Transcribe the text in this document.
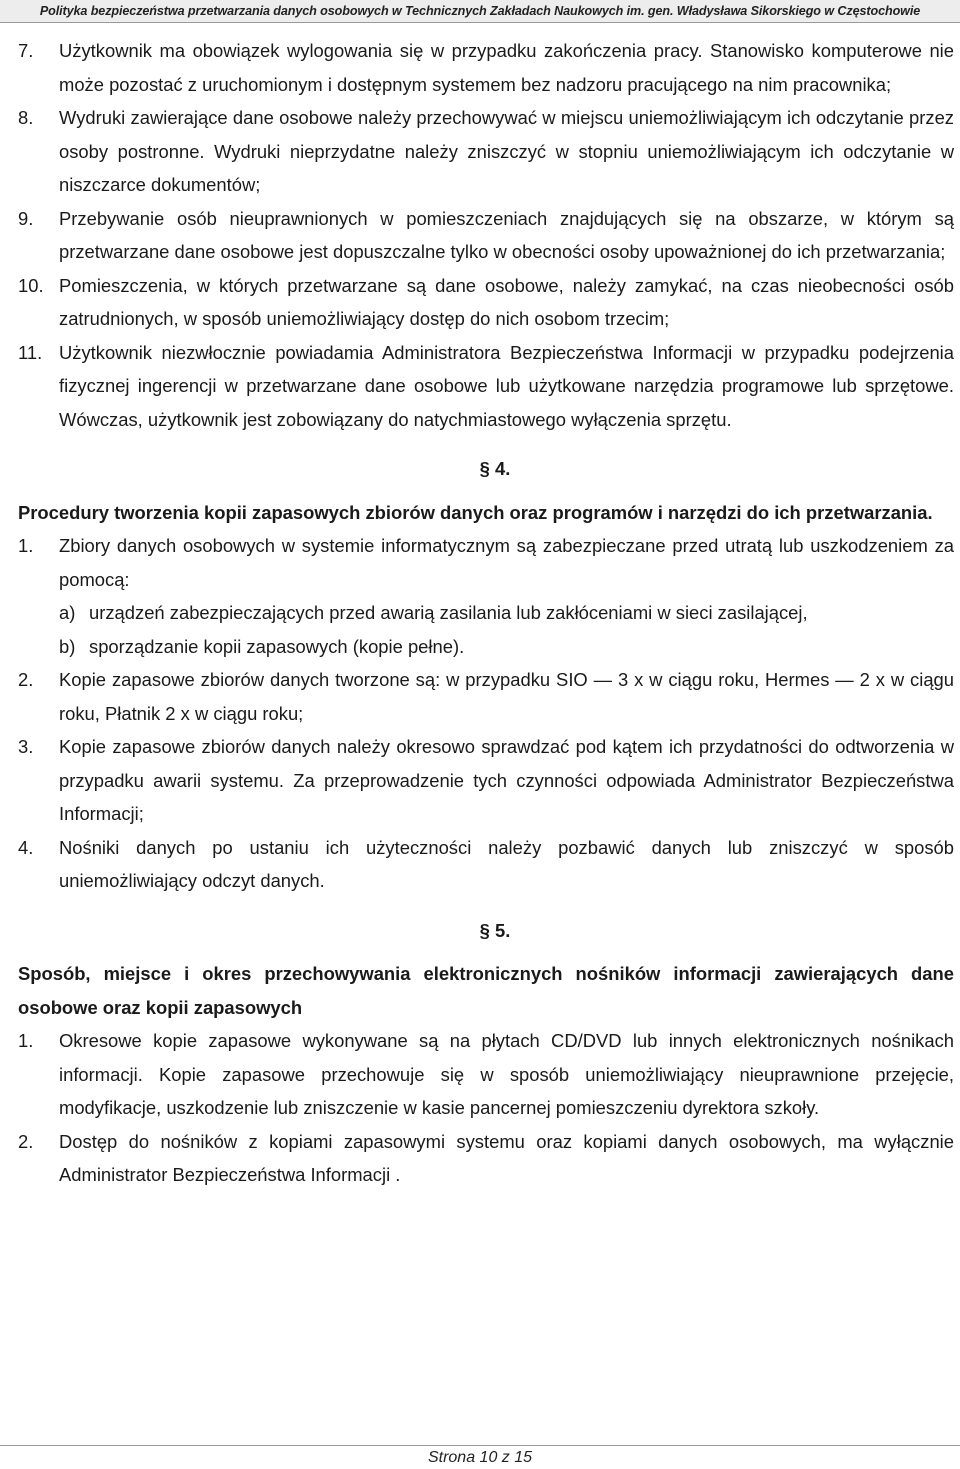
Polityka bezpieczeństwa przetwarzania danych osobowych w Technicznych Zakładach Naukowych im. gen. Władysława Sikorskiego w Częstochowie
7. Użytkownik ma obowiązek wylogowania się w przypadku zakończenia pracy. Stanowisko komputerowe nie może pozostać z uruchomionym i dostępnym systemem bez nadzoru pracującego na nim pracownika;
8. Wydruki zawierające dane osobowe należy przechowywać w miejscu uniemożliwiającym ich odczytanie przez osoby postronne. Wydruki nieprzydatne należy zniszczyć w stopniu uniemożliwiającym ich odczytanie w niszczarce dokumentów;
9. Przebywanie osób nieuprawnionych w pomieszczeniach znajdujących się na obszarze, w którym są przetwarzane dane osobowe jest dopuszczalne tylko w obecności osoby upoważnionej do ich przetwarzania;
10. Pomieszczenia, w których przetwarzane są dane osobowe, należy zamykać, na czas nieobecności osób zatrudnionych, w sposób uniemożliwiający dostęp do nich osobom trzecim;
11. Użytkownik niezwłocznie powiadamia Administratora Bezpieczeństwa Informacji w przypadku podejrzenia fizycznej ingerencji w przetwarzane dane osobowe lub użytkowane narzędzia programowe lub sprzętowe. Wówczas, użytkownik jest zobowiązany do natychmiastowego wyłączenia sprzętu.
§ 4.
Procedury tworzenia kopii zapasowych zbiorów danych oraz programów i narzędzi do ich przetwarzania.
1. Zbiory danych osobowych w systemie informatycznym są zabezpieczane przed utratą lub uszkodzeniem za pomocą:
a) urządzeń zabezpieczających przed awarią zasilania lub zakłóceniami w sieci zasilającej,
b) sporządzanie kopii zapasowych (kopie pełne).
2. Kopie zapasowe zbiorów danych tworzone są: w przypadku SIO — 3 x w ciągu roku, Hermes — 2 x w ciągu roku, Płatnik 2 x w ciągu roku;
3. Kopie zapasowe zbiorów danych należy okresowo sprawdzać pod kątem ich przydatności do odtworzenia w przypadku awarii systemu. Za przeprowadzenie tych czynności odpowiada Administrator Bezpieczeństwa Informacji;
4. Nośniki danych po ustaniu ich użyteczności należy pozbawić danych lub zniszczyć w sposób uniemożliwiający odczyt danych.
§ 5.
Sposób, miejsce i okres przechowywania elektronicznych nośników informacji zawierających dane osobowe oraz kopii zapasowych
1. Okresowe kopie zapasowe wykonywane są na płytach CD/DVD lub innych elektronicznych nośnikach informacji. Kopie zapasowe przechowuje się w sposób uniemożliwiający nieuprawnione przejęcie, modyfikacje, uszkodzenie lub zniszczenie w kasie pancernej pomieszczeniu dyrektora szkoły.
2. Dostęp do nośników z kopiami zapasowymi systemu oraz kopiami danych osobowych, ma wyłącznie Administrator Bezpieczeństwa Informacji .
Strona 10 z 15
